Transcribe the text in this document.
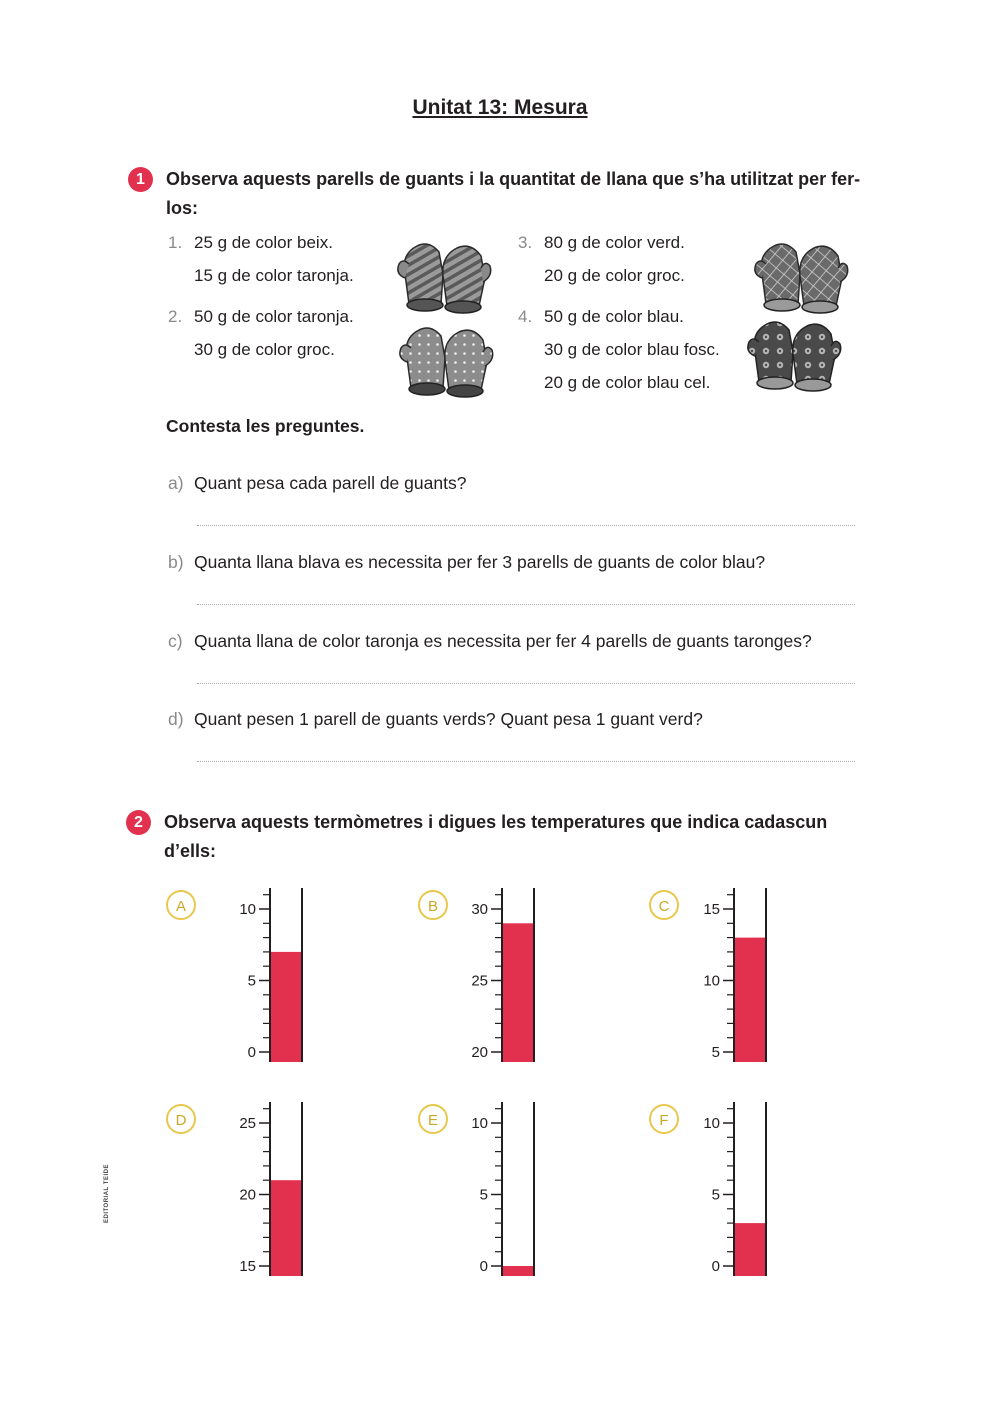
Unitat 13: Mesura
1	Observa aquests parells de guants i la quantitat de llana que s’ha utilitzat per fer-los:
1. 25 g de color beix.
15 g de color taronja.
2. 50 g de color taronja.
30 g de color groc.
3. 80 g de color verd.
20 g de color groc.
4. 50 g de color blau.
30 g de color blau fosc.
20 g de color blau cel.
Contesta les preguntes.
a) Quant pesa cada parell de guants?
b) Quanta llana blava es necessita per fer 3 parells de guants de color blau?
c) Quanta llana de color taronja es necessita per fer 4 parells de guants taronges?
d) Quant pesen 1 parell de guants verds? Quant pesa 1 guant verd?
2	Observa aquests termòmetres i digues les temperatures que indica cadascun d’ells:
A	10
5
0
B	30
25
20
C	15
10
5
D	25
20
15
E	10
5
0
F	10
5
0
EDITORIAL TEIDE
